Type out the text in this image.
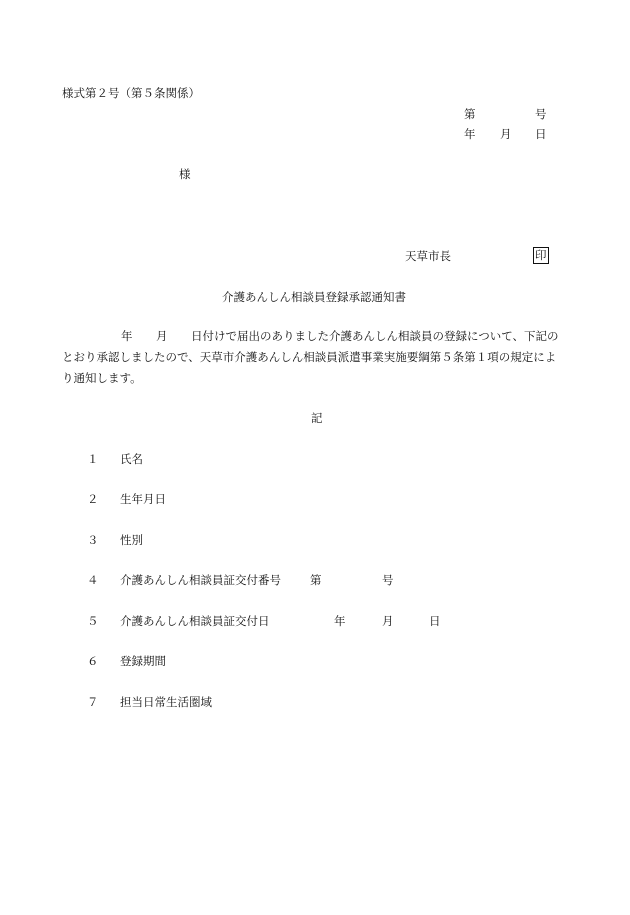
様式第２号（第５条関係）
第	号
年 月 日
様
天草市長	印
介護あんしん相談員登録承認通知書
年 月 日付けで届出のありました介護あんしん相談員の登録について、下記の
とおり承認しましたので、天草市介護あんしん相談員派遣事業実施要綱第５条第１項の規定によ
り通知します。
記
１ 氏名
２ 生年月日
３ 性別
４ 介護あんしん相談員証交付番号	第	号
５ 介護あんしん相談員証交付日	年	月	日
６ 登録期間
７ 担当日常生活圏域
